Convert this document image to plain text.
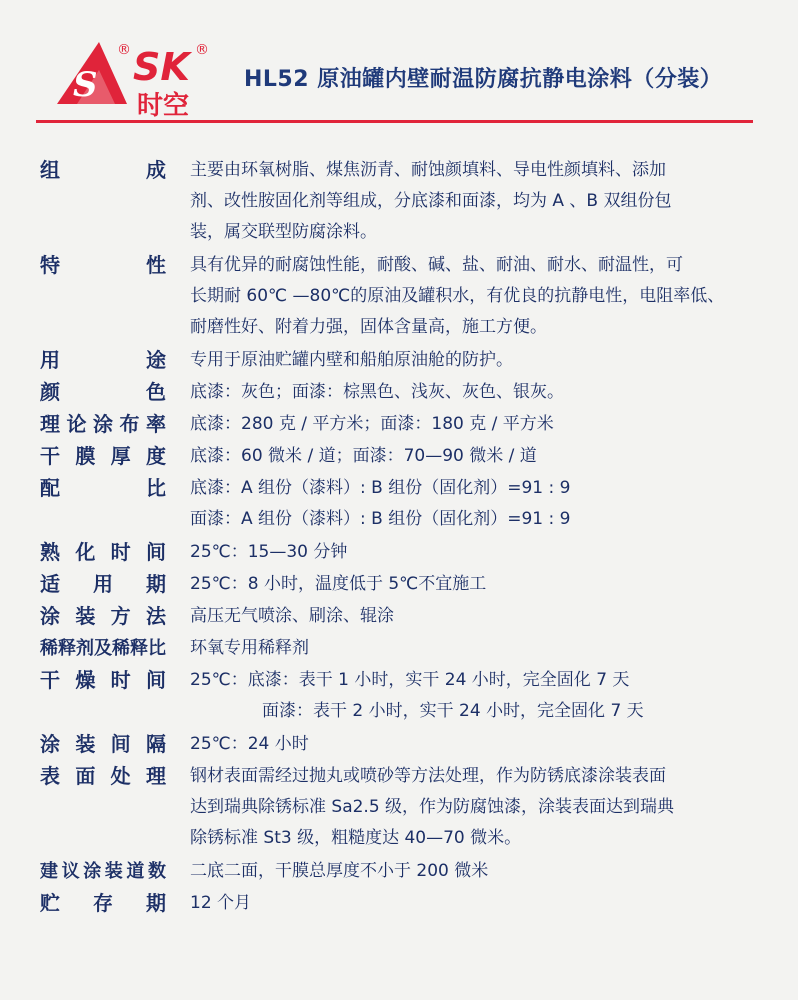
S SK
®	®
时空
HL52 原油罐内壁耐温防腐抗静电涂料（分装）
组　成 主要由环氧树脂、煤焦沥青、耐蚀颜填料、导电性颜填料、添加
剂、改性胺固化剂等组成，分底漆和面漆，均为 A 、B 双组份包
装，属交联型防腐涂料。
特　性 具有优异的耐腐蚀性能，耐酸、碱、盐、耐油、耐水、耐温性，可
长期耐 60℃ —80℃的原油及罐积水，有优良的抗静电性，电阻率低、
耐磨性好、附着力强，固体含量高，施工方便。
用　途 专用于原油贮罐内壁和船舶原油舱的防护。
颜　色 底漆：灰色；面漆：棕黑色、浅灰、灰色、银灰。
理论涂布率 底漆：280 克 / 平方米；面漆：180 克 / 平方米
干膜厚度 底漆：60 微米 / 道；面漆：70—90 微米 / 道
配　比 底漆：A 组份（漆料）: B 组份（固化剂）=91 : 9
面漆：A 组份（漆料）: B 组份（固化剂）=91 : 9
熟化时间 25℃：15—30 分钟
适用期 25℃：8 小时，温度低于 5℃不宜施工
涂装方法 高压无气喷涂、刷涂、辊涂
稀释剂及稀释比 环氧专用稀释剂
干燥时间 25℃：底漆：表干 1 小时，实干 24 小时，完全固化 7 天
面漆：表干 2 小时，实干 24 小时，完全固化 7 天
涂装间隔 25℃：24 小时
表面处理 钢材表面需经过抛丸或喷砂等方法处理，作为防锈底漆涂装表面
达到瑞典除锈标准 Sa2.5 级，作为防腐蚀漆，涂装表面达到瑞典
除锈标准 St3 级，粗糙度达 40—70 微米。
建议涂装道数 二底二面，干膜总厚度不小于 200 微米
贮存期 12 个月
